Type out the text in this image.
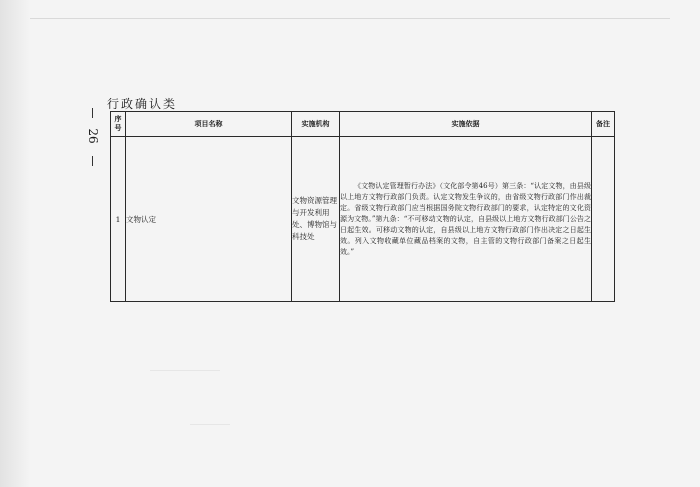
行政确认类
26
序
号	项目名称	实施机构	实施依据	备注
1	文物认定	文物资源管理与开发利用处、博物馆与科技处	《文物认定管理暂行办法》（文化部令第46号）第三条：“认定文物，由县级以上地方文物行政部门负责。认定文物发生争议的，由省级文物行政部门作出裁定。省级文物行政部门应当根据国务院文物行政部门的要求，认定特定的文化资源为文物。”第九条：“不可移动文物的认定，自县级以上地方文物行政部门公告之日起生效。可移动文物的认定，自县级以上地方文物行政部门作出决定之日起生效。列入文物收藏单位藏品档案的文物，自主管的文物行政部门备案之日起生效。”	
